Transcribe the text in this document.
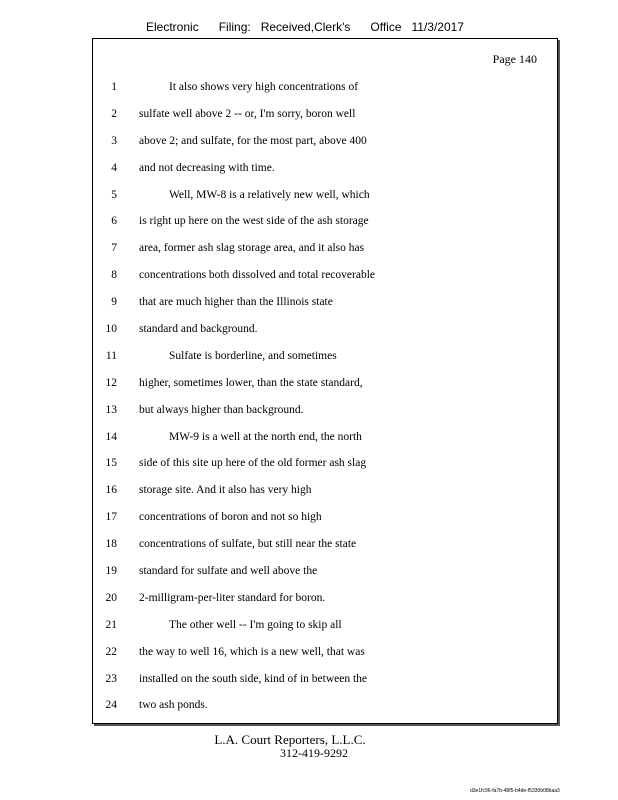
Electronic      Filing:   Received,Clerk's      Office   11/3/2017
Page 140
1	It also shows very high concentrations of
2 sulfate well above 2 -- or, I'm sorry, boron well
3 above 2; and sulfate, for the most part, above 400
4 and not decreasing with time.
5	Well, MW-8 is a relatively new well, which
6 is right up here on the west side of the ash storage
7 area, former ash slag storage area, and it also has
8 concentrations both dissolved and total recoverable
9 that are much higher than the Illinois state
10 standard and background.
11	Sulfate is borderline, and sometimes
12 higher, sometimes lower, than the state standard,
13 but always higher than background.
14	MW-9 is a well at the north end, the north
15 side of this site up here of the old former ash slag
16 storage site. And it also has very high
17 concentrations of boron and not so high
18 concentrations of sulfate, but still near the state
19 standard for sulfate and well above the
20 2-milligram-per-liter standard for boron.
21	The other well -- I'm going to skip all
22 the way to well 16, which is a new well, that was
23 installed on the south side, kind of in between the
24 two ash ponds.
L.A. Court Reporters, L.L.C.
312-419-9292
d3e1fc96-fa7b-48f5-b4de-f5330b08baa3
